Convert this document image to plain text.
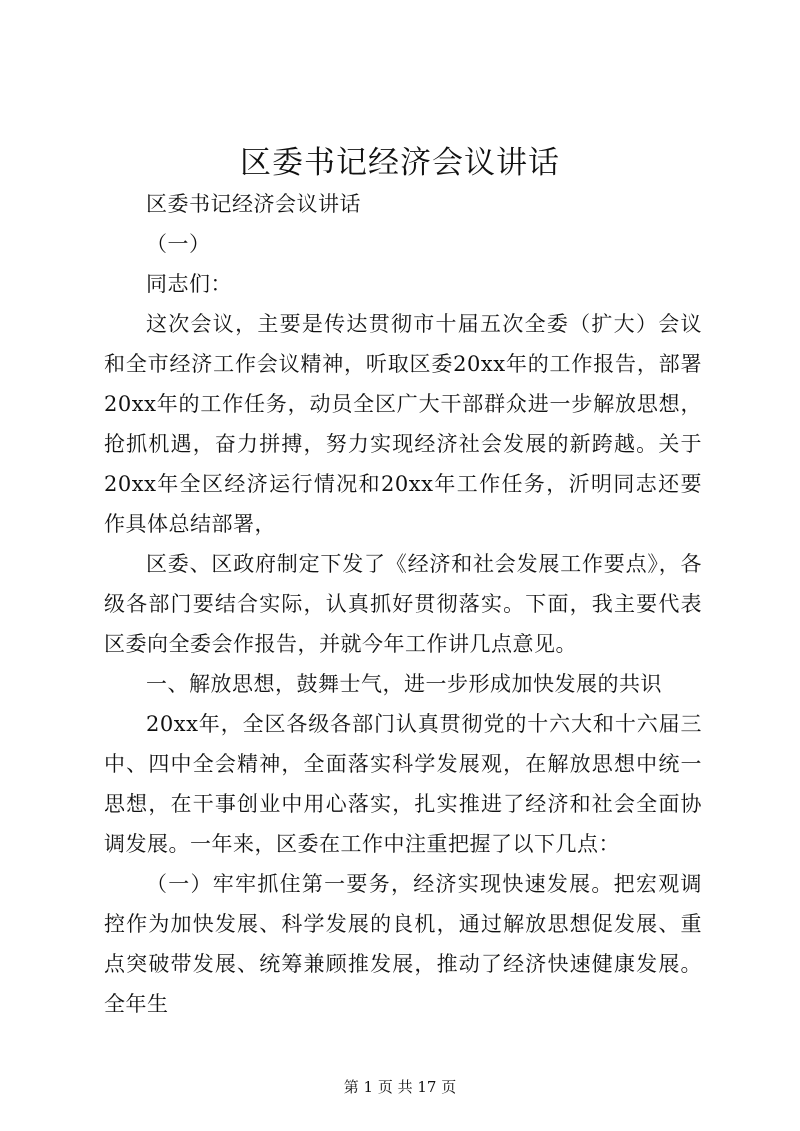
区委书记经济会议讲话

区委书记经济会议讲话

（一）

同志们：

这次会议，主要是传达贯彻市十届五次全委（扩大）会议和全市经济工作会议精神，听取区委20xx年的工作报告，部署20xx年的工作任务，动员全区广大干部群众进一步解放思想，抢抓机遇，奋力拼搏，努力实现经济社会发展的新跨越。关于20xx年全区经济运行情况和20xx年工作任务，沂明同志还要作具体总结部署，

区委、区政府制定下发了《经济和社会发展工作要点》，各级各部门要结合实际，认真抓好贯彻落实。下面，我主要代表区委向全委会作报告，并就今年工作讲几点意见。

一、解放思想，鼓舞士气，进一步形成加快发展的共识

20xx年，全区各级各部门认真贯彻党的十六大和十六届三中、四中全会精神，全面落实科学发展观，在解放思想中统一思想，在干事创业中用心落实，扎实推进了经济和社会全面协调发展。一年来，区委在工作中注重把握了以下几点：

（一）牢牢抓住第一要务，经济实现快速发展。把宏观调控作为加快发展、科学发展的良机，通过解放思想促发展、重点突破带发展、统筹兼顾推发展，推动了经济快速健康发展。全年生

第 1 页 共 17 页
